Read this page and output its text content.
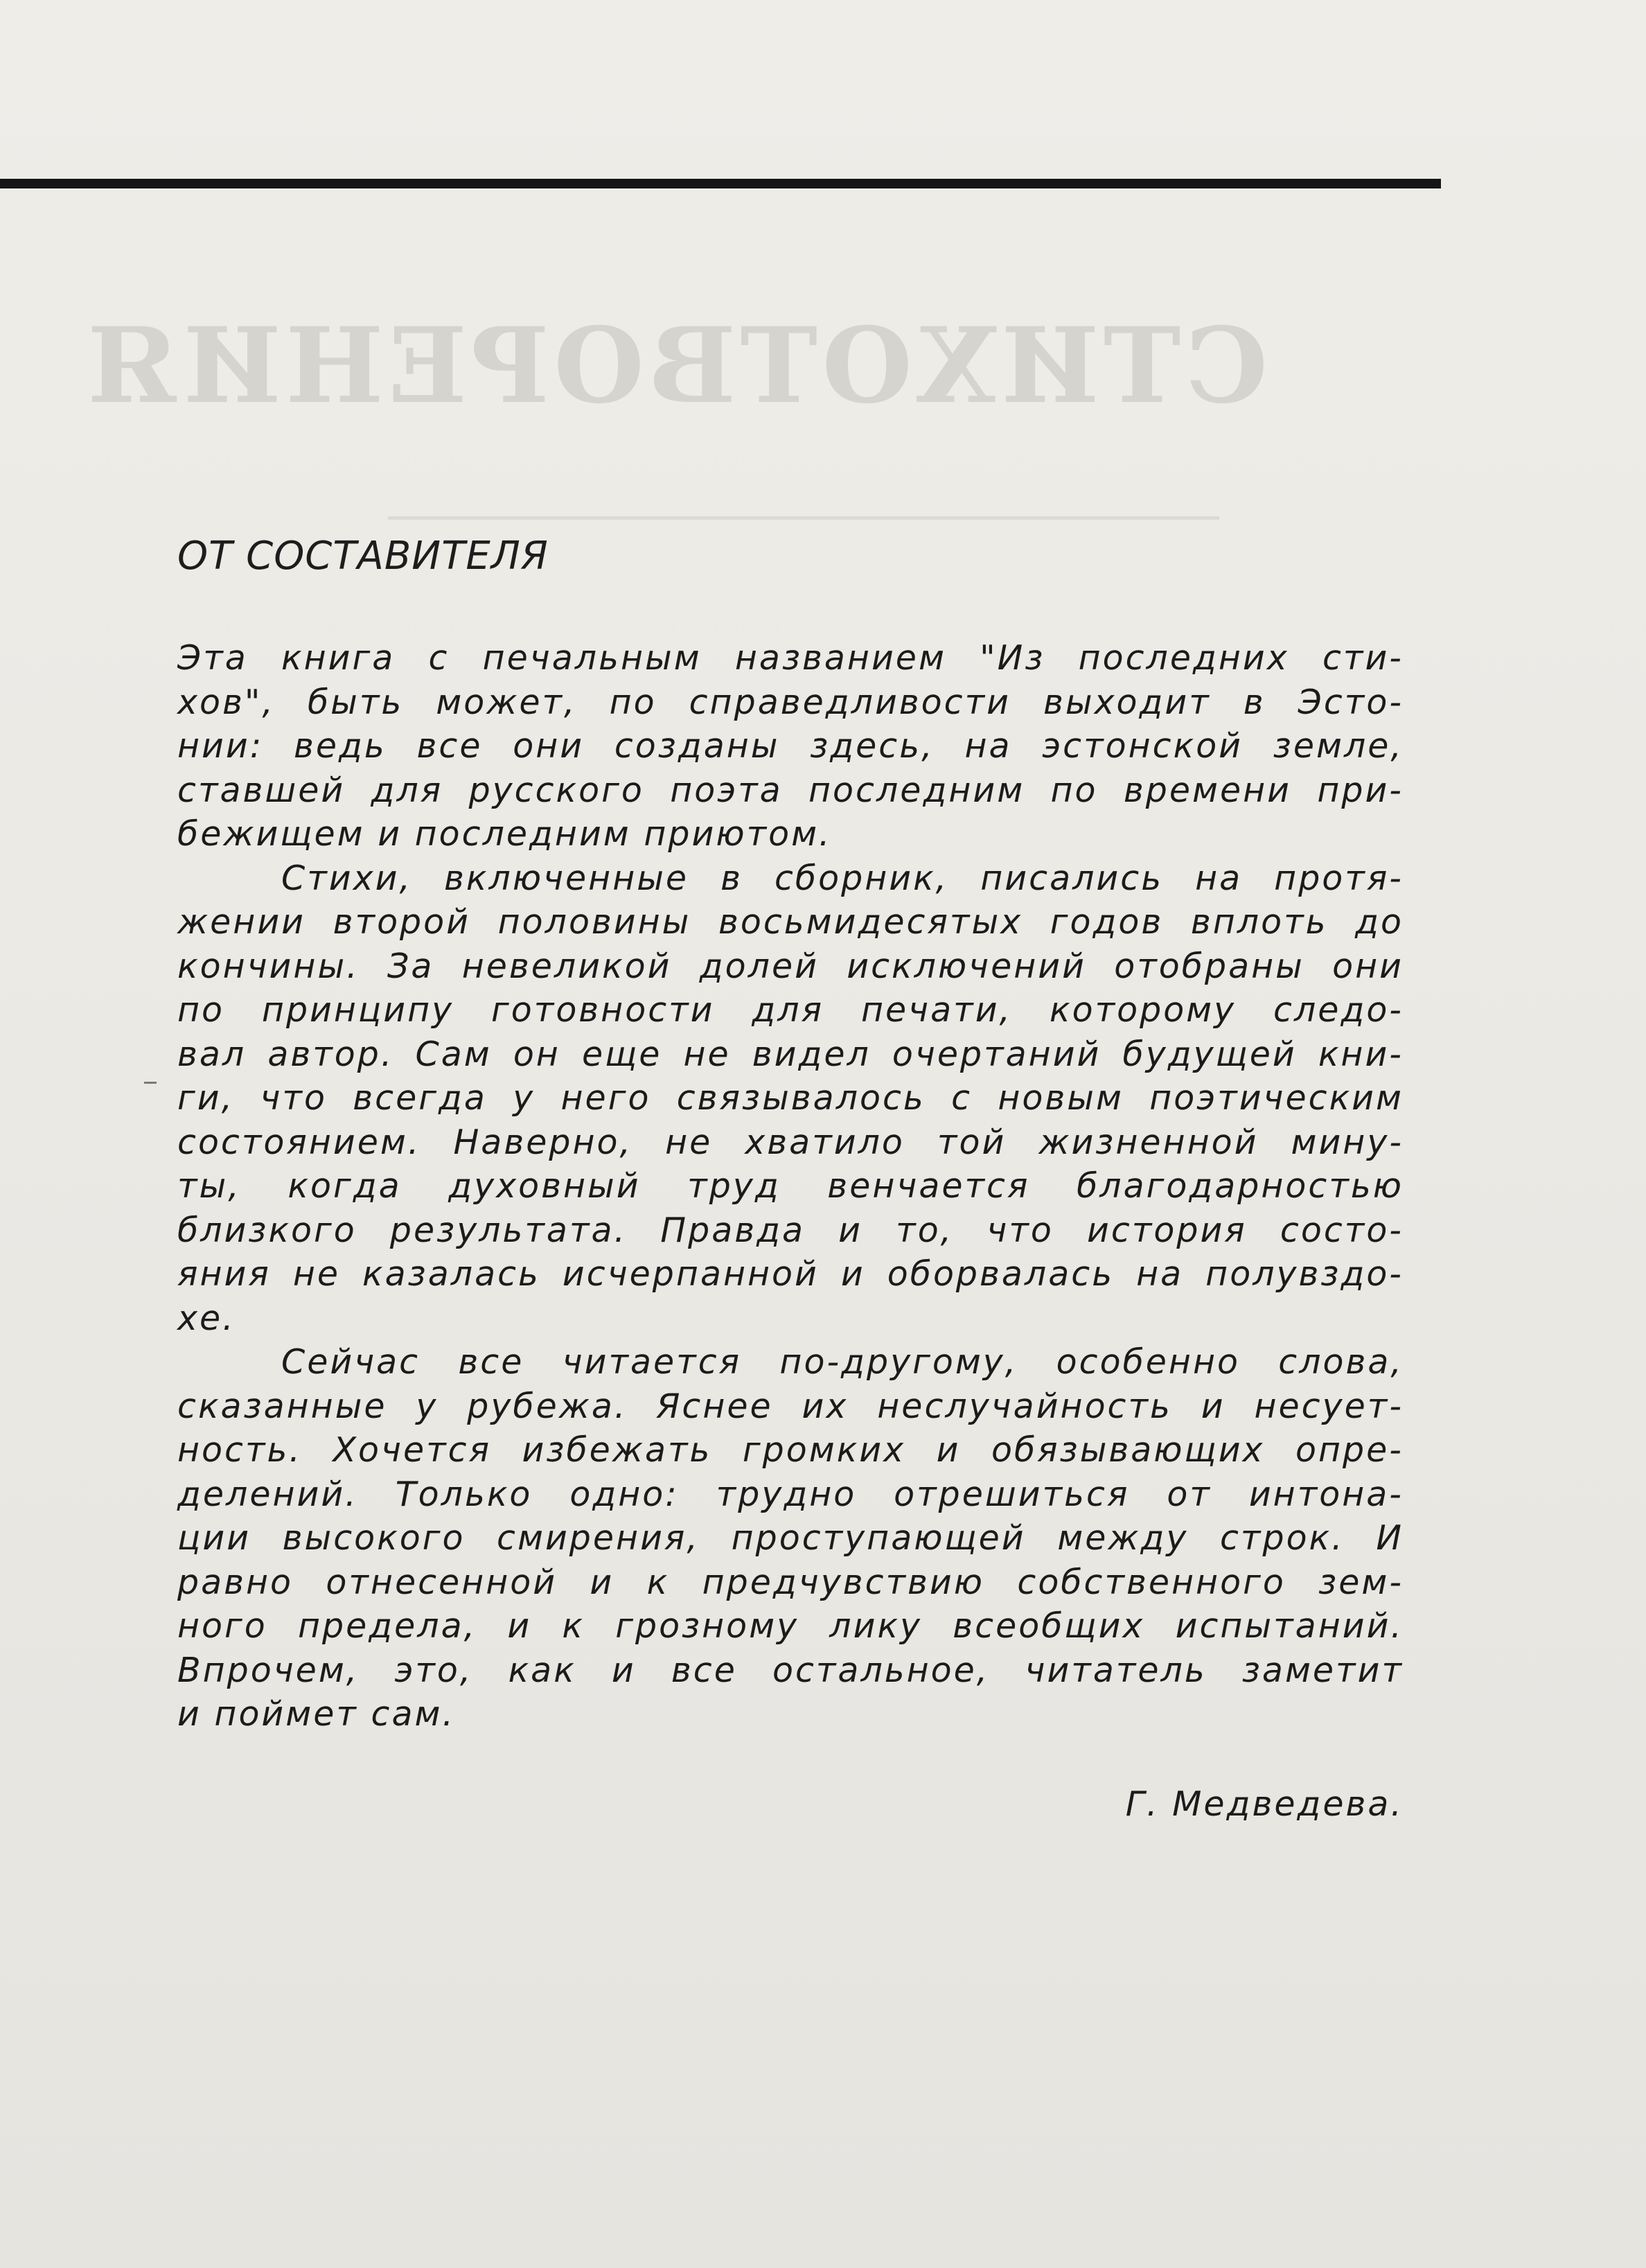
СТИХОТВОРЕНИЯ
ОТ СОСТАВИТЕЛЯ
Эта книга с печальным названием "Из последних сти-
хов", быть может, по справедливости выходит в Эсто-
нии: ведь все они созданы здесь, на эстонской земле,
ставшей для русского поэта последним по времени при-
бежищем и последним приютом.
Стихи, включенные в сборник, писались на протя-
жении второй половины восьмидесятых годов вплоть до
кончины. За невеликой долей исключений отобраны они
по принципу готовности для печати, которому следо-
вал автор. Сам он еще не видел очертаний будущей кни-
ги, что всегда у него связывалось с новым поэтическим
состоянием. Наверно, не хватило той жизненной мину-
ты, когда духовный труд венчается благодарностью
близкого результата. Правда и то, что история состо-
яния не казалась исчерпанной и оборвалась на полувздо-
хе.
Сейчас все читается по-другому, особенно слова,
сказанные у рубежа. Яснее их неслучайность и несует-
ность. Хочется избежать громких и обязывающих опре-
делений. Только одно: трудно отрешиться от интона-
ции высокого смирения, проступающей между строк. И
равно отнесенной и к предчувствию собственного зем-
ного предела, и к грозному лику всеобщих испытаний.
Впрочем, это, как и все остальное, читатель заметит
и поймет сам.
Г. Медведева.
